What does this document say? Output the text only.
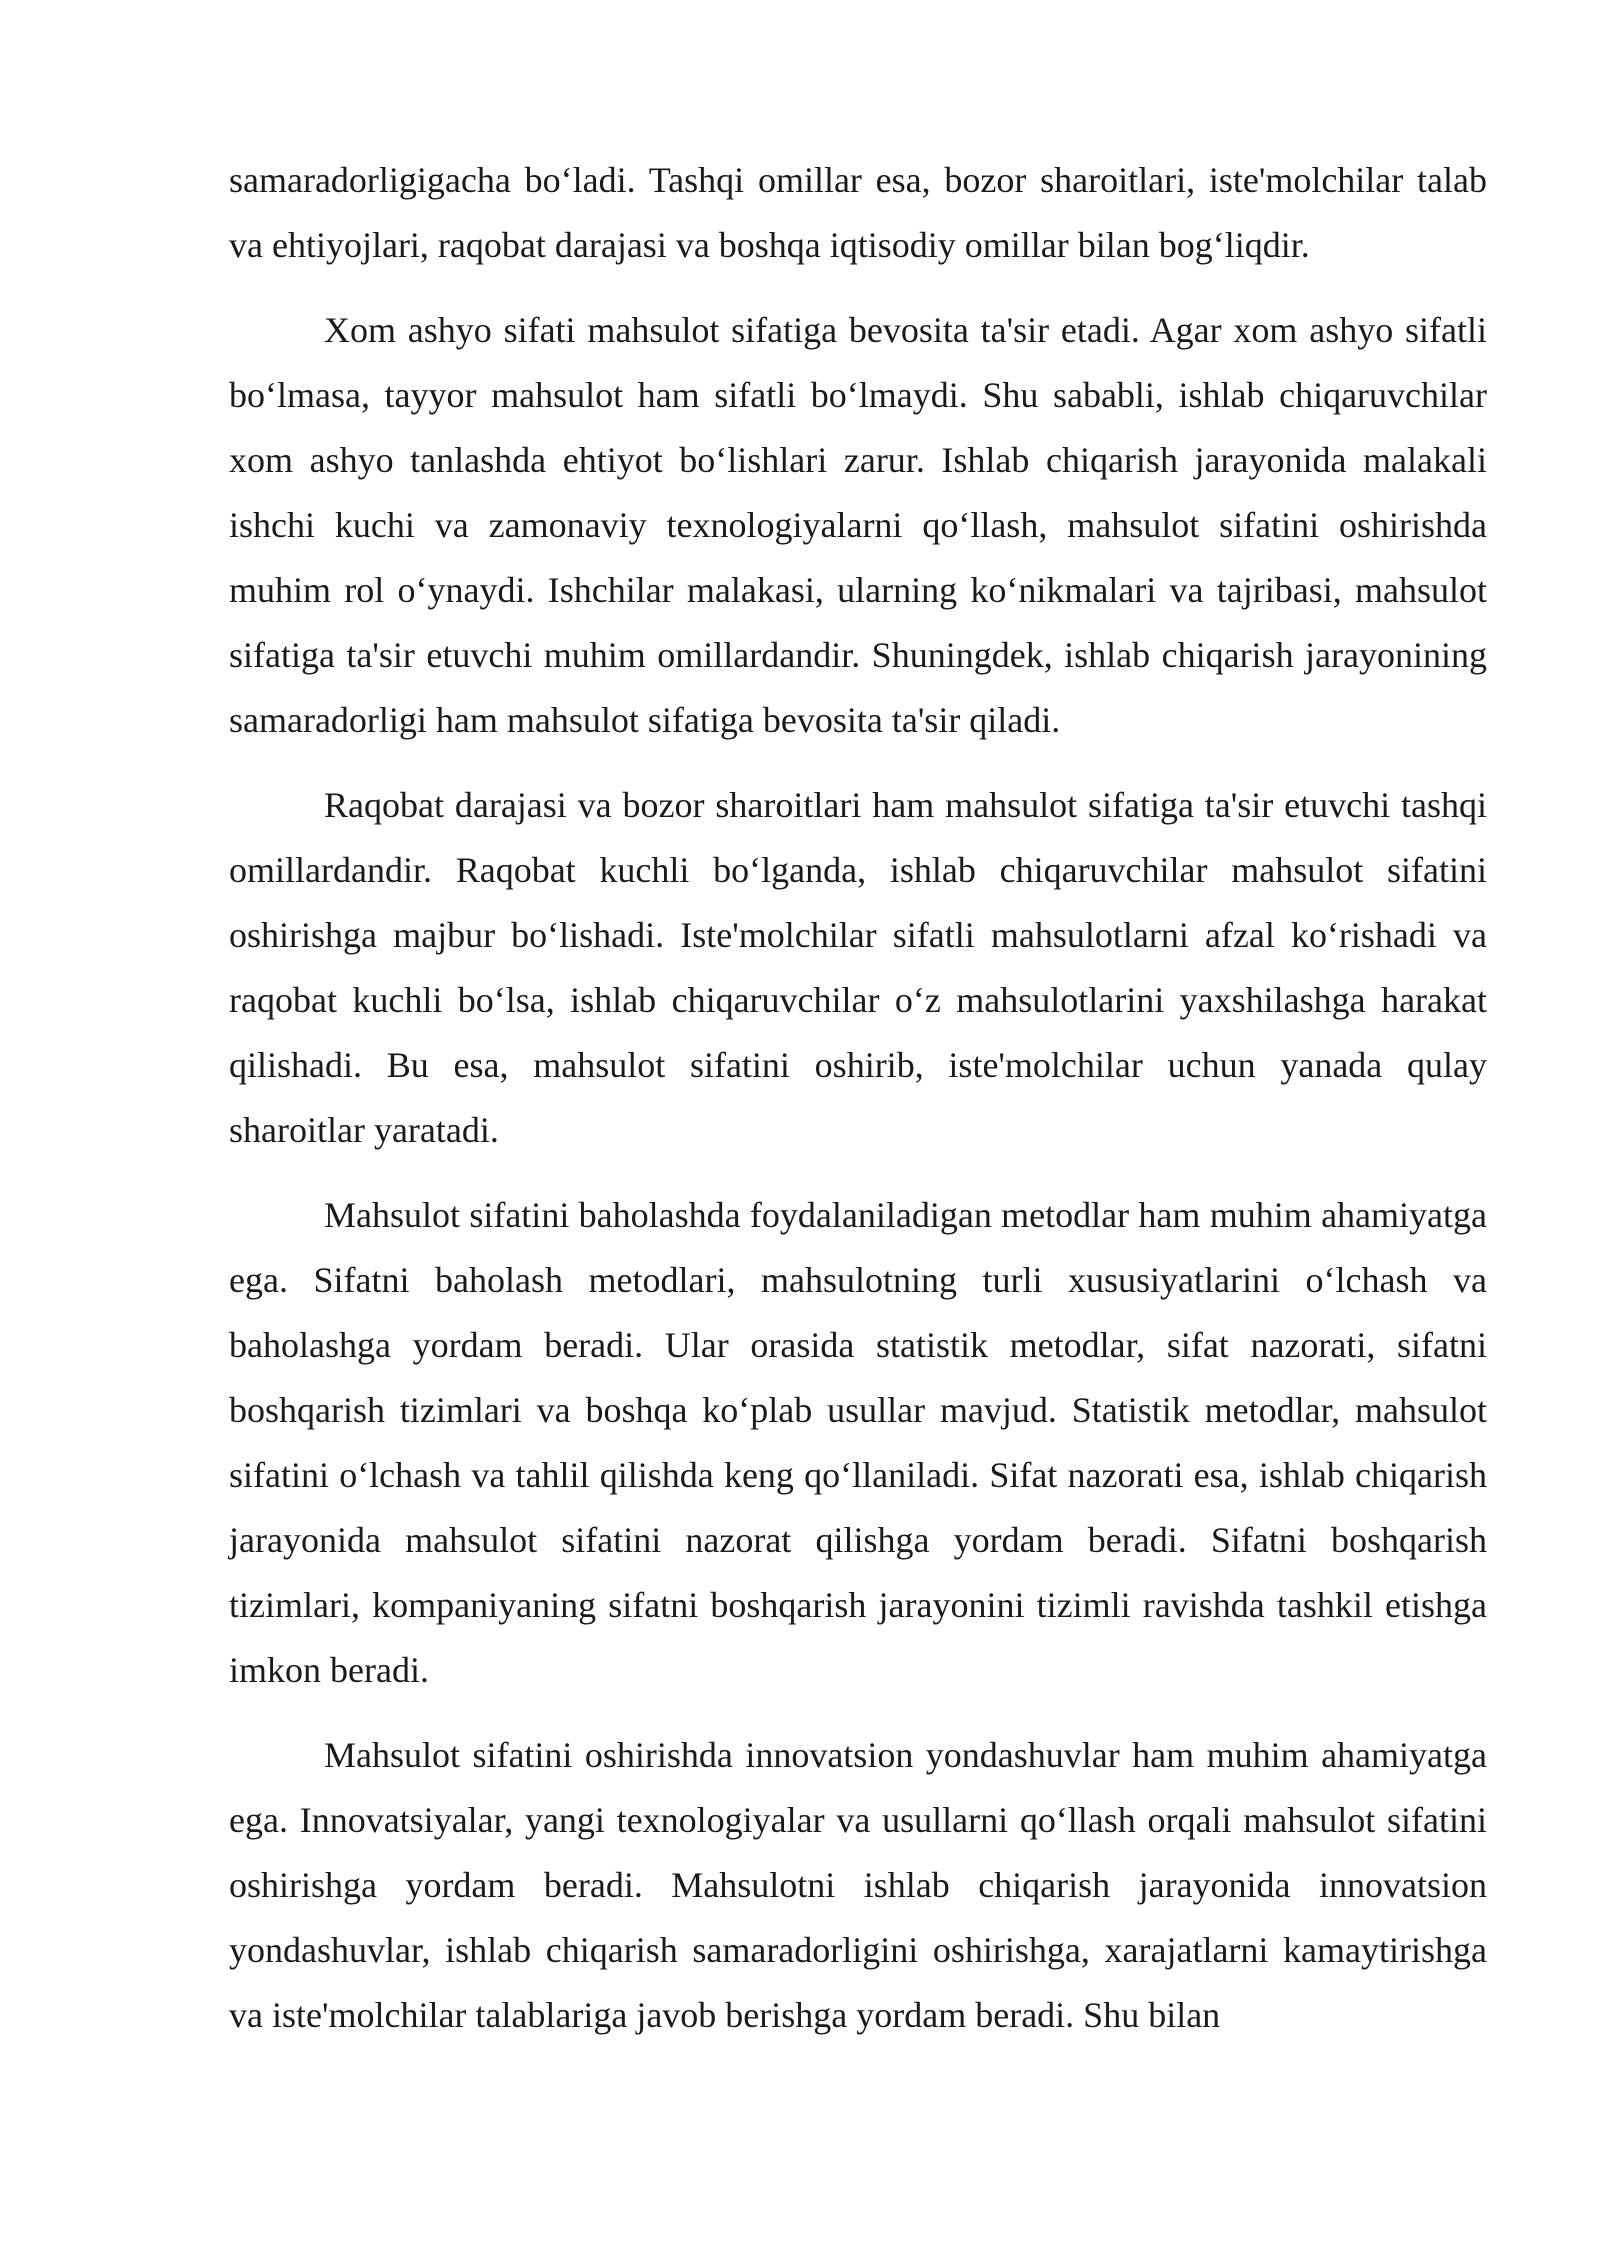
samaradorligigacha bo‘ladi. Tashqi omillar esa, bozor sharoitlari, iste'molchilar talab va ehtiyojlari, raqobat darajasi va boshqa iqtisodiy omillar bilan bog‘liqdir.

Xom ashyo sifati mahsulot sifatiga bevosita ta'sir etadi. Agar xom ashyo sifatli bo‘lmasa, tayyor mahsulot ham sifatli bo‘lmaydi. Shu sababli, ishlab chiqaruvchilar xom ashyo tanlashda ehtiyot bo‘lishlari zarur. Ishlab chiqarish jarayonida malakali ishchi kuchi va zamonaviy texnologiyalarni qo‘llash, mahsulot sifatini oshirishda muhim rol o‘ynaydi. Ishchilar malakasi, ularning ko‘nikmalari va tajribasi, mahsulot sifatiga ta'sir etuvchi muhim omillardandir. Shuningdek, ishlab chiqarish jarayonining samaradorligi ham mahsulot sifatiga bevosita ta'sir qiladi.

Raqobat darajasi va bozor sharoitlari ham mahsulot sifatiga ta'sir etuvchi tashqi omillardandir. Raqobat kuchli bo‘lganda, ishlab chiqaruvchilar mahsulot sifatini oshirishga majbur bo‘lishadi. Iste'molchilar sifatli mahsulotlarni afzal ko‘rishadi va raqobat kuchli bo‘lsa, ishlab chiqaruvchilar o‘z mahsulotlarini yaxshilashga harakat qilishadi. Bu esa, mahsulot sifatini oshirib, iste'molchilar uchun yanada qulay sharoitlar yaratadi.

Mahsulot sifatini baholashda foydalaniladigan metodlar ham muhim ahamiyatga ega. Sifatni baholash metodlari, mahsulotning turli xususiyatlarini o‘lchash va baholashga yordam beradi. Ular orasida statistik metodlar, sifat nazorati, sifatni boshqarish tizimlari va boshqa ko‘plab usullar mavjud. Statistik metodlar, mahsulot sifatini o‘lchash va tahlil qilishda keng qo‘llaniladi. Sifat nazorati esa, ishlab chiqarish jarayonida mahsulot sifatini nazorat qilishga yordam beradi. Sifatni boshqarish tizimlari, kompaniyaning sifatni boshqarish jarayonini tizimli ravishda tashkil etishga imkon beradi.

Mahsulot sifatini oshirishda innovatsion yondashuvlar ham muhim ahamiyatga ega. Innovatsiyalar, yangi texnologiyalar va usullarni qo‘llash orqali mahsulot sifatini oshirishga yordam beradi. Mahsulotni ishlab chiqarish jarayonida innovatsion yondashuvlar, ishlab chiqarish samaradorligini oshirishga, xarajatlarni kamaytirishga va iste'molchilar talablariga javob berishga yordam beradi. Shu bilan
